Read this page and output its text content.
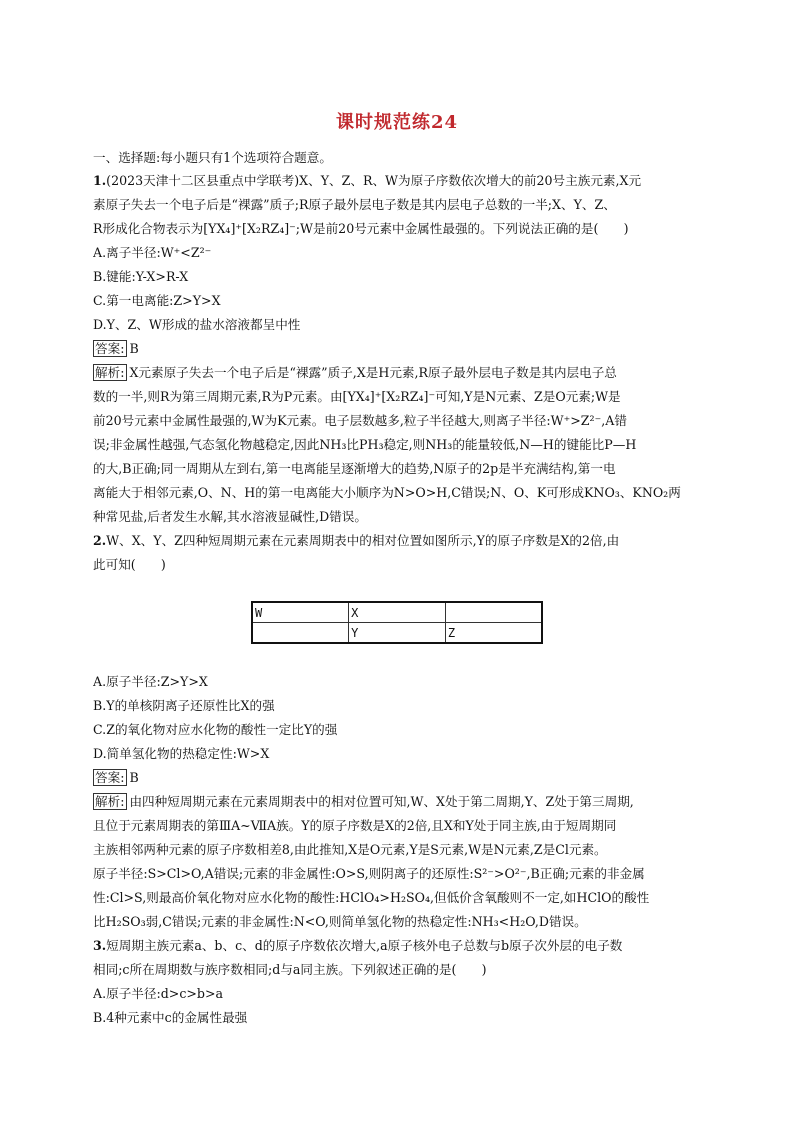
课时规范练24
一、选择题:每小题只有1个选项符合题意。
1.(2023天津十二区县重点中学联考)X、Y、Z、R、W为原子序数依次增大的前20号主族元素,X元
素原子失去一个电子后是“裸露”质子;R原子最外层电子数是其内层电子总数的一半;X、Y、Z、
R形成化合物表示为[YX₄]⁺[X₂RZ₄]⁻;W是前20号元素中金属性最强的。下列说法正确的是(　　)
A.离子半径:W⁺<Z²⁻
B.键能:Y-X>R-X
C.第一电离能:Z>Y>X
D.Y、Z、W形成的盐水溶液都呈中性
答案: B
解析: X元素原子失去一个电子后是“裸露”质子,X是H元素,R原子最外层电子数是其内层电子总
数的一半,则R为第三周期元素,R为P元素。由[YX₄]⁺[X₂RZ₄]⁻可知,Y是N元素、Z是O元素;W是
前20号元素中金属性最强的,W为K元素。电子层数越多,粒子半径越大,则离子半径:W⁺>Z²⁻,A错
误;非金属性越强,气态氢化物越稳定,因此NH₃比PH₃稳定,则NH₃的能量较低,N—H的键能比P—H
的大,B正确;同一周期从左到右,第一电离能呈逐渐增大的趋势,N原子的2p是半充满结构,第一电
离能大于相邻元素,O、N、H的第一电离能大小顺序为N>O>H,C错误;N、O、K可形成KNO₃、KNO₂两
种常见盐,后者发生水解,其水溶液显碱性,D错误。
2.W、X、Y、Z四种短周期元素在元素周期表中的相对位置如图所示,Y的原子序数是X的2倍,由
此可知(　　)
W	X	
	Y	Z
A.原子半径:Z>Y>X
B.Y的单核阴离子还原性比X的强
C.Z的氧化物对应水化物的酸性一定比Y的强
D.简单氢化物的热稳定性:W>X
答案: B
解析: 由四种短周期元素在元素周期表中的相对位置可知,W、X处于第二周期,Y、Z处于第三周期,
且位于元素周期表的第ⅢA~ⅦA族。Y的原子序数是X的2倍,且X和Y处于同主族,由于短周期同
主族相邻两种元素的原子序数相差8,由此推知,X是O元素,Y是S元素,W是N元素,Z是Cl元素。
原子半径:S>Cl>O,A错误;元素的非金属性:O>S,则阴离子的还原性:S²⁻>O²⁻,B正确;元素的非金属
性:Cl>S,则最高价氧化物对应水化物的酸性:HClO₄>H₂SO₄,但低价含氧酸则不一定,如HClO的酸性
比H₂SO₃弱,C错误;元素的非金属性:N<O,则简单氢化物的热稳定性:NH₃<H₂O,D错误。
3.短周期主族元素a、b、c、d的原子序数依次增大,a原子核外电子总数与b原子次外层的电子数
相同;c所在周期数与族序数相同;d与a同主族。下列叙述正确的是(　　)
A.原子半径:d>c>b>a
B.4种元素中c的金属性最强
